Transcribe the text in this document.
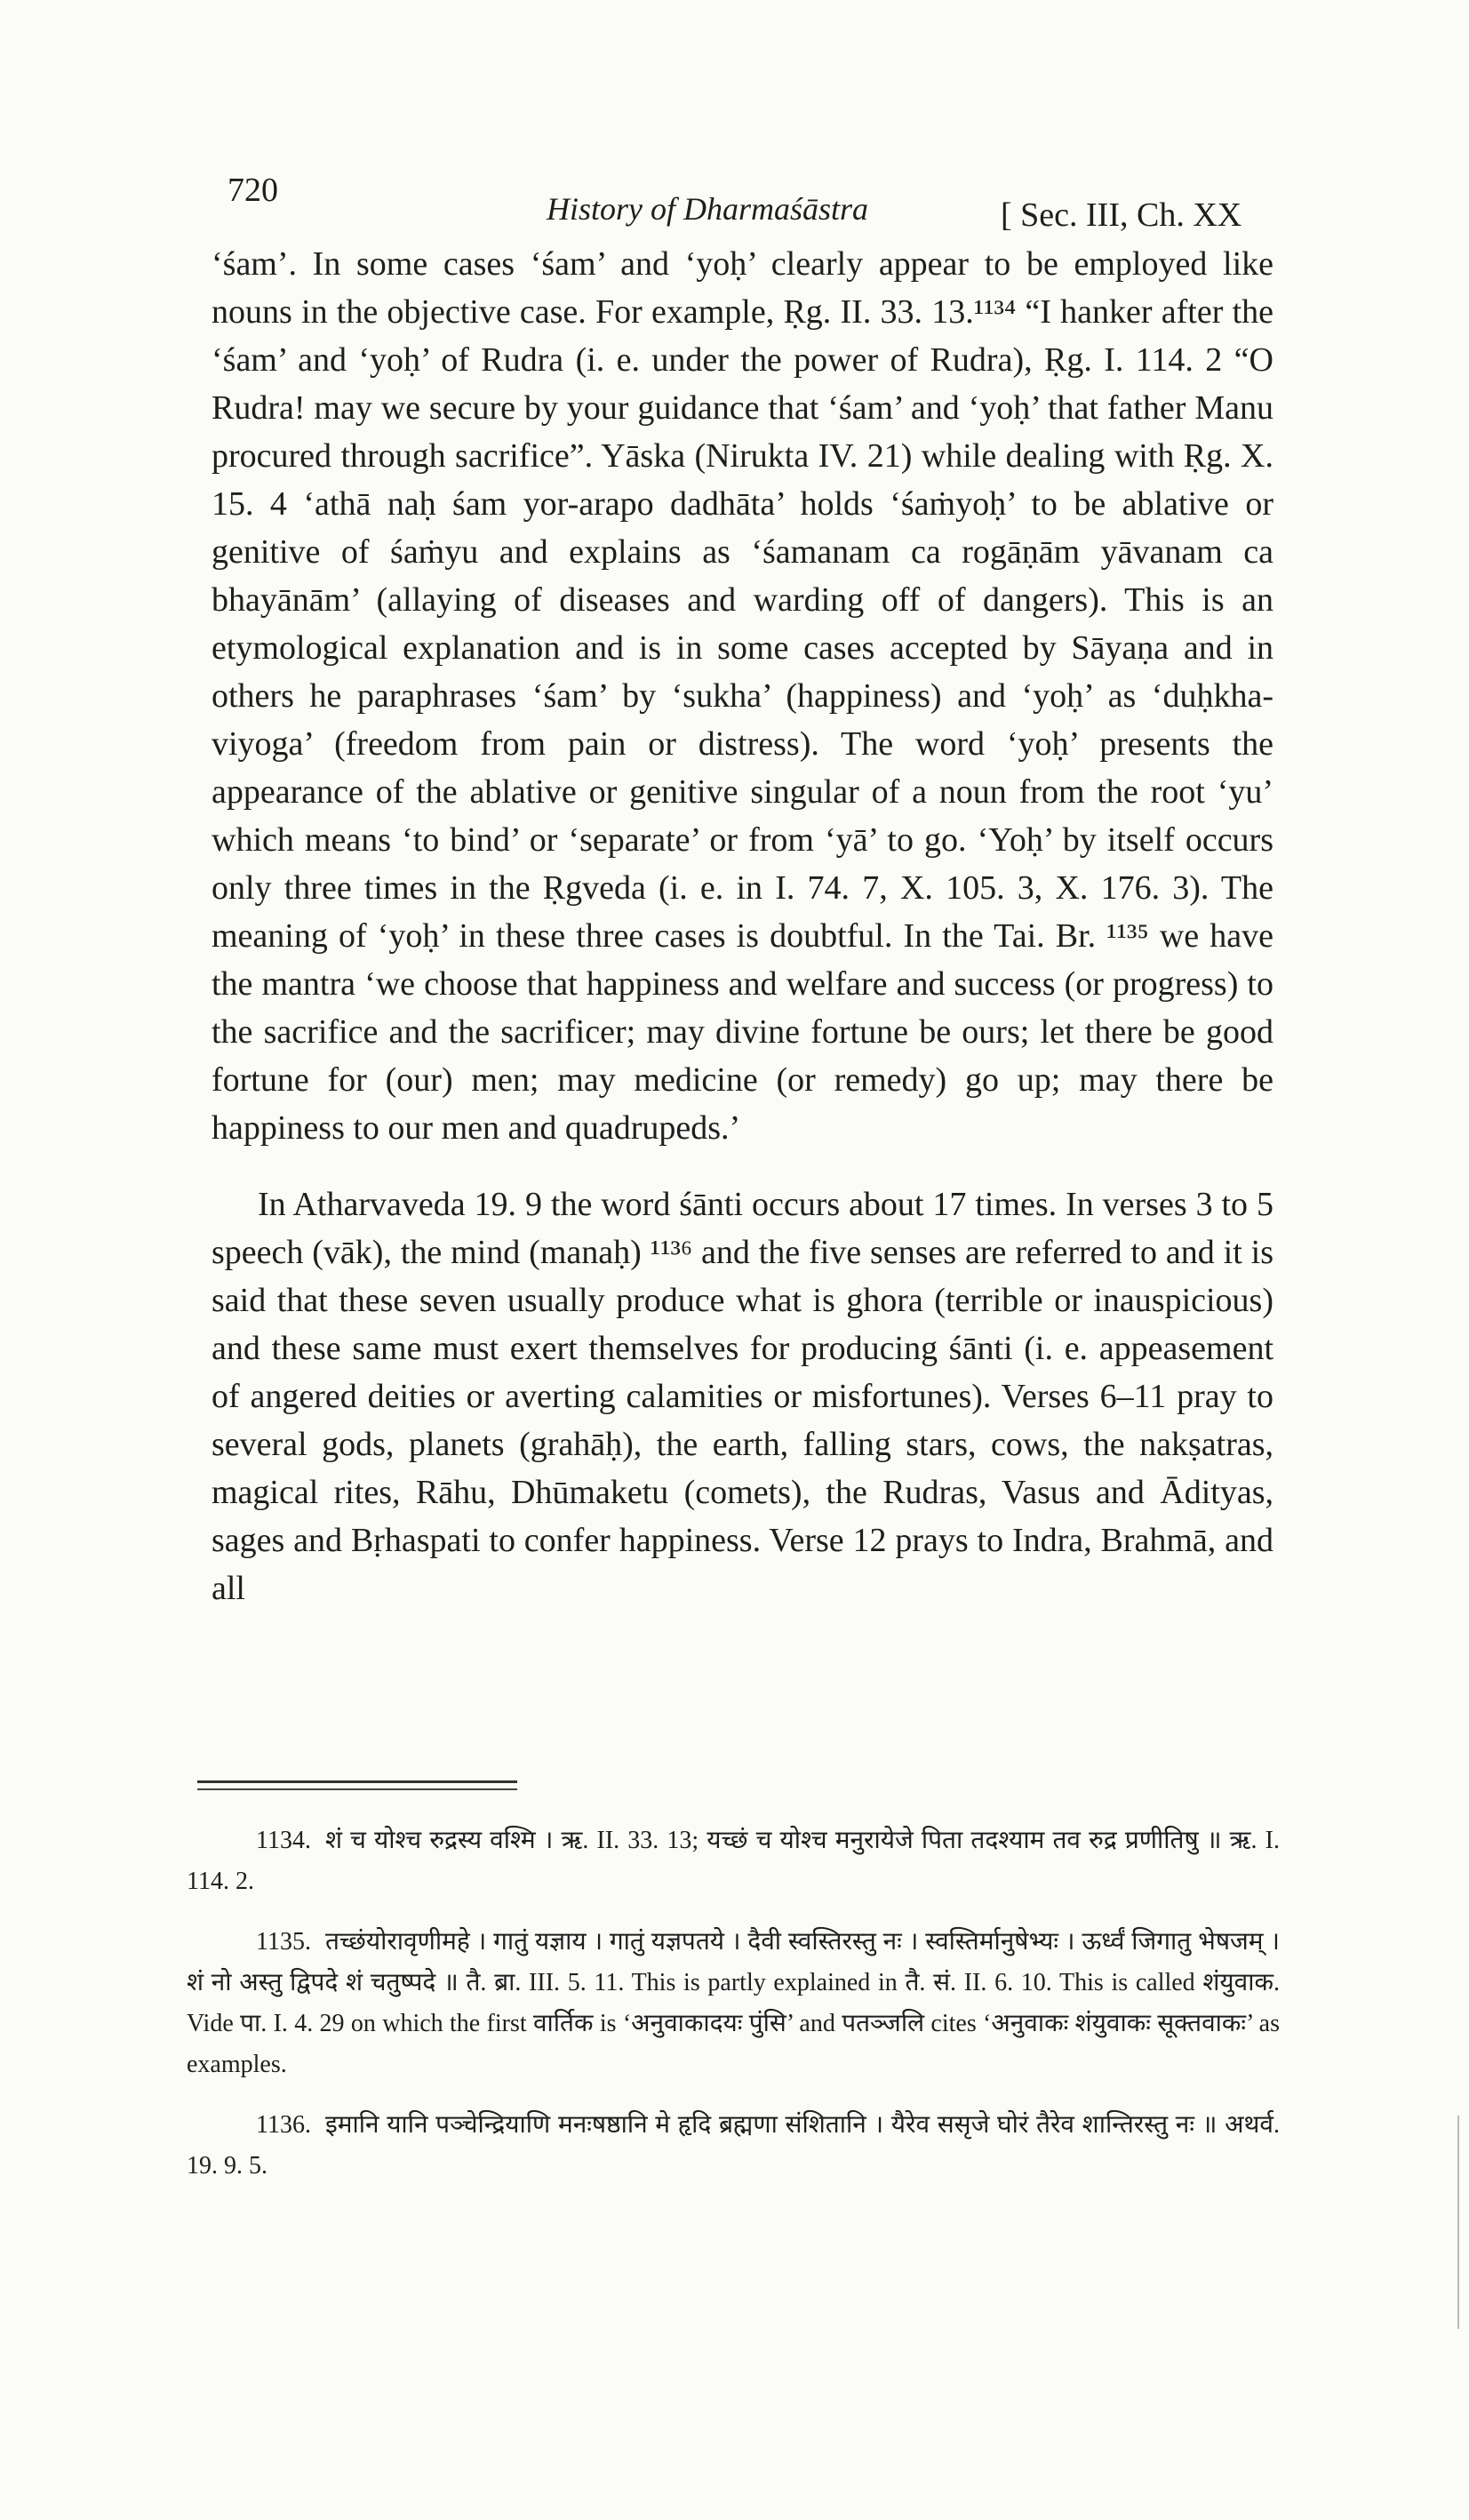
720	History of Dharmaśāstra	[ Sec. III, Ch. XX

‘śam’. In some cases ‘śam’ and ‘yoḥ’ clearly appear to be employed like nouns in the objective case. For example, Ṛg. II. 33. 13.¹¹³⁴ “I hanker after the ‘śam’ and ‘yoḥ’ of Rudra (i. e. under the power of Rudra), Ṛg. I. 114. 2 “O Rudra! may we secure by your guidance that ‘śam’ and ‘yoḥ’ that father Manu procured through sacrifice”. Yāska (Nirukta IV. 21) while dealing with Ṛg. X. 15. 4 ‘athā naḥ śam yor-arapo dadhāta’ holds ‘śaṁyoḥ’ to be ablative or genitive of śaṁyu and explains as ‘śamanam ca rogāṇām yāvanam ca bhayānām’ (allaying of diseases and warding off of dangers). This is an etymological explanation and is in some cases accepted by Sāyaṇa and in others he paraphrases ‘śam’ by ‘sukha’ (happiness) and ‘yoḥ’ as ‘duḥkha-viyoga’ (freedom from pain or distress). The word ‘yoḥ’ presents the appearance of the ablative or genitive singular of a noun from the root ‘yu’ which means ‘to bind’ or ‘separate’ or from ‘yā’ to go. ‘Yoḥ’ by itself occurs only three times in the Ṛgveda (i. e. in I. 74. 7, X. 105. 3, X. 176. 3). The meaning of ‘yoḥ’ in these three cases is doubtful. In the Tai. Br. ¹¹³⁵ we have the mantra ‘we choose that happiness and welfare and success (or progress) to the sacrifice and the sacrificer; may divine fortune be ours; let there be good fortune for (our) men; may medicine (or remedy) go up; may there be happiness to our men and quadrupeds.’

In Atharvaveda 19. 9 the word śānti occurs about 17 times. In verses 3 to 5 speech (vāk), the mind (manaḥ) ¹¹³⁶ and the five senses are referred to and it is said that these seven usually produce what is ghora (terrible or inauspicious) and these same must exert themselves for producing śānti (i. e. appeasement of angered deities or averting calamities or misfortunes). Verses 6–11 pray to several gods, planets (grahāḥ), the earth, falling stars, cows, the nakṣatras, magical rites, Rāhu, Dhūmaketu (comets), the Rudras, Vasus and Ādityas, sages and Bṛhaspati to confer happiness. Verse 12 prays to Indra, Brahmā, and all

1134. शं च योश्च रुद्रस्य वश्मि । ऋ. II. 33. 13; यच्छं च योश्च मनुरायेजे पिता तदश्याम तव रुद्र प्रणीतिषु ॥ ऋ. I. 114. 2.
1135. तच्छंयोरावृणीमहे । गातुं यज्ञाय । गातुं यज्ञपतये । दैवी स्वस्तिरस्तु नः । स्वस्तिर्मानुषेभ्यः । ऊर्ध्वं जिगातु भेषजम् । शं नो अस्तु द्विपदे शं चतुष्पदे ॥ तै. ब्रा. III. 5. 11. This is partly explained in तै. सं. II. 6. 10. This is called शंयुवाक. Vide पा. I. 4. 29 on which the first वार्तिक is ‘अनुवाकादयः पुंसि’ and पतञ्जलि cites ‘अनुवाकः शंयुवाकः सूक्तवाकः’ as examples.
1136. इमानि यानि पञ्चेन्द्रियाणि मनःषष्ठानि मे हृदि ब्रह्मणा संशितानि । यैरेव ससृजे घोरं तैरेव शान्तिरस्तु नः ॥ अथर्व. 19. 9. 5.
